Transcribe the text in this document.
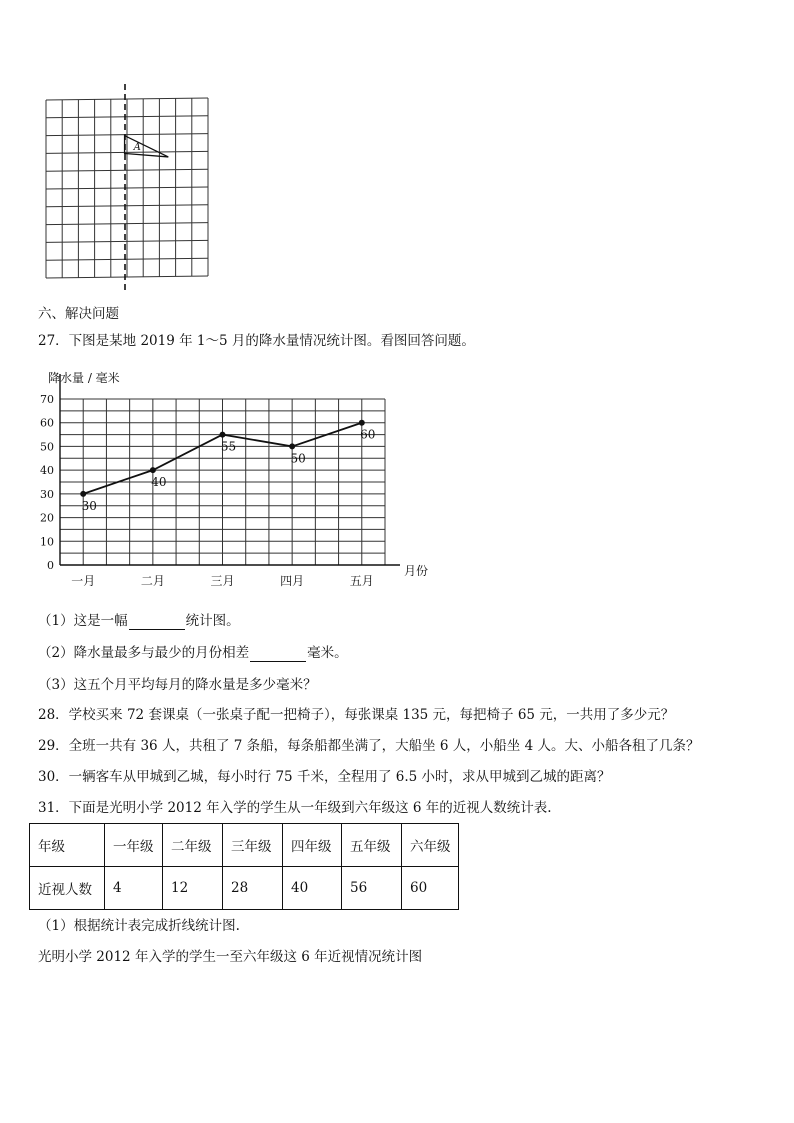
A
六、解决问题
27．下图是某地 2019 年 1～5 月的降水量情况统计图。看图回答问题。
0
10
20
30
40
50
60
70
一月	二月	三月	四月	五月
30
40
55
50
60
降水量 / 毫米
月份
（1）这是一幅	统计图。
（2）降水量最多与最少的月份相差	毫米。
（3）这五个月平均每月的降水量是多少毫米？
28．学校买来 72 套课桌（一张桌子配一把椅子），每张课桌 135 元，每把椅子 65 元，一共用了多少元？
29．全班一共有 36 人，共租了 7 条船，每条船都坐满了，大船坐 6 人，小船坐 4 人。大、小船各租了几条？
30．一辆客车从甲城到乙城，每小时行 75 千米，全程用了 6.5 小时，求从甲城到乙城的距离？
31．下面是光明小学 2012 年入学的学生从一年级到六年级这 6 年的近视人数统计表.
年级	一年级	二年级	三年级	四年级	五年级	六年级
近视人数	4	12	28	40	56	60
（1）根据统计表完成折线统计图.
光明小学 2012 年入学的学生一至六年级这 6 年近视情况统计图
